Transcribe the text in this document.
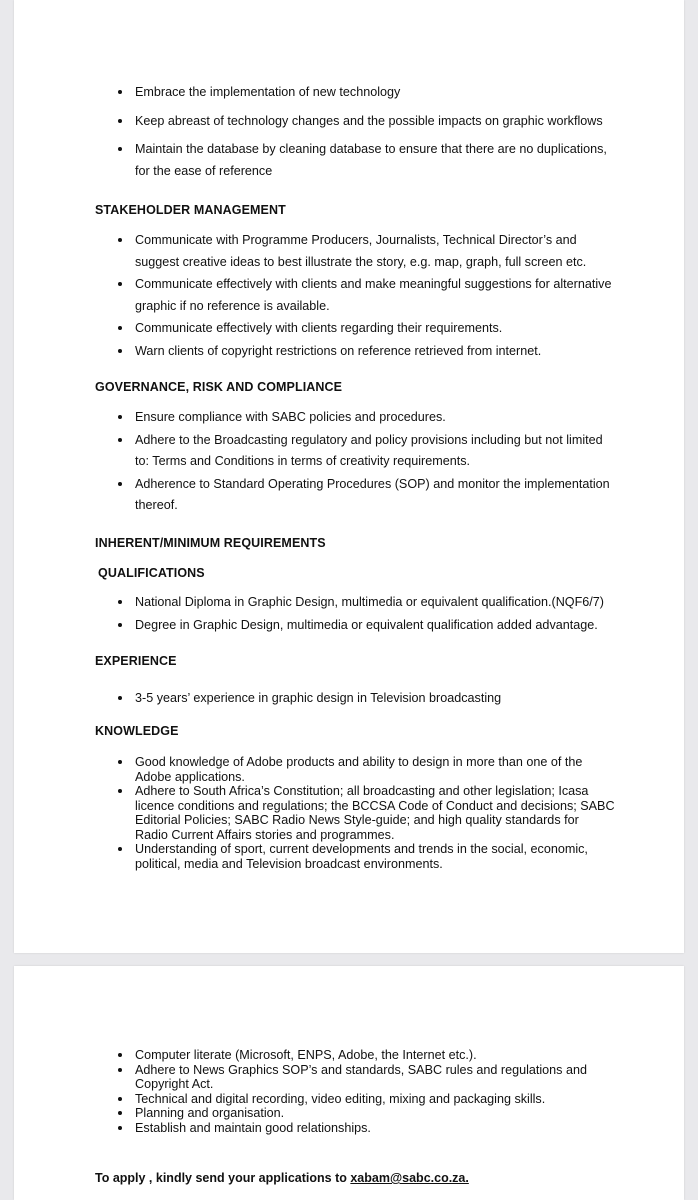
Embrace the implementation of new technology
Keep abreast of technology changes and the possible impacts on graphic workflows
Maintain the database by cleaning database to ensure that there are no duplications, for the ease of reference
STAKEHOLDER MANAGEMENT
Communicate with Programme Producers, Journalists, Technical Director’s and suggest creative ideas to best illustrate the story, e.g. map, graph, full screen etc.
Communicate effectively with clients and make meaningful suggestions for alternative graphic if no reference is available.
Communicate effectively with clients regarding their requirements.
Warn clients of copyright restrictions on reference retrieved from internet.
GOVERNANCE, RISK AND COMPLIANCE
Ensure compliance with SABC policies and procedures.
Adhere to the Broadcasting regulatory and policy provisions including but not limited to: Terms and Conditions in terms of creativity requirements.
Adherence to Standard Operating Procedures (SOP) and monitor the implementation thereof.
INHERENT/MINIMUM REQUIREMENTS
QUALIFICATIONS
National Diploma in Graphic Design, multimedia or equivalent qualification.(NQF6/7)
Degree in Graphic Design, multimedia or equivalent qualification added advantage.
EXPERIENCE
3-5 years’ experience in graphic design in Television broadcasting
KNOWLEDGE
Good knowledge of Adobe products and ability to design in more than one of the Adobe applications.
Adhere to South Africa’s Constitution; all broadcasting and other legislation; Icasa licence conditions and regulations; the BCCSA Code of Conduct and decisions; SABC Editorial Policies; SABC Radio News Style-guide; and high quality standards for Radio Current Affairs stories and programmes.
Understanding of sport, current developments and trends in the social, economic, political, media and Television broadcast environments.
Computer literate (Microsoft, ENPS, Adobe, the Internet etc.).
Adhere to News Graphics SOP’s and standards, SABC rules and regulations and Copyright Act.
Technical and digital recording, video editing, mixing and packaging skills.
Planning and organisation.
Establish and maintain good relationships.
To apply , kindly send your applications to xabam@sabc.co.za.
